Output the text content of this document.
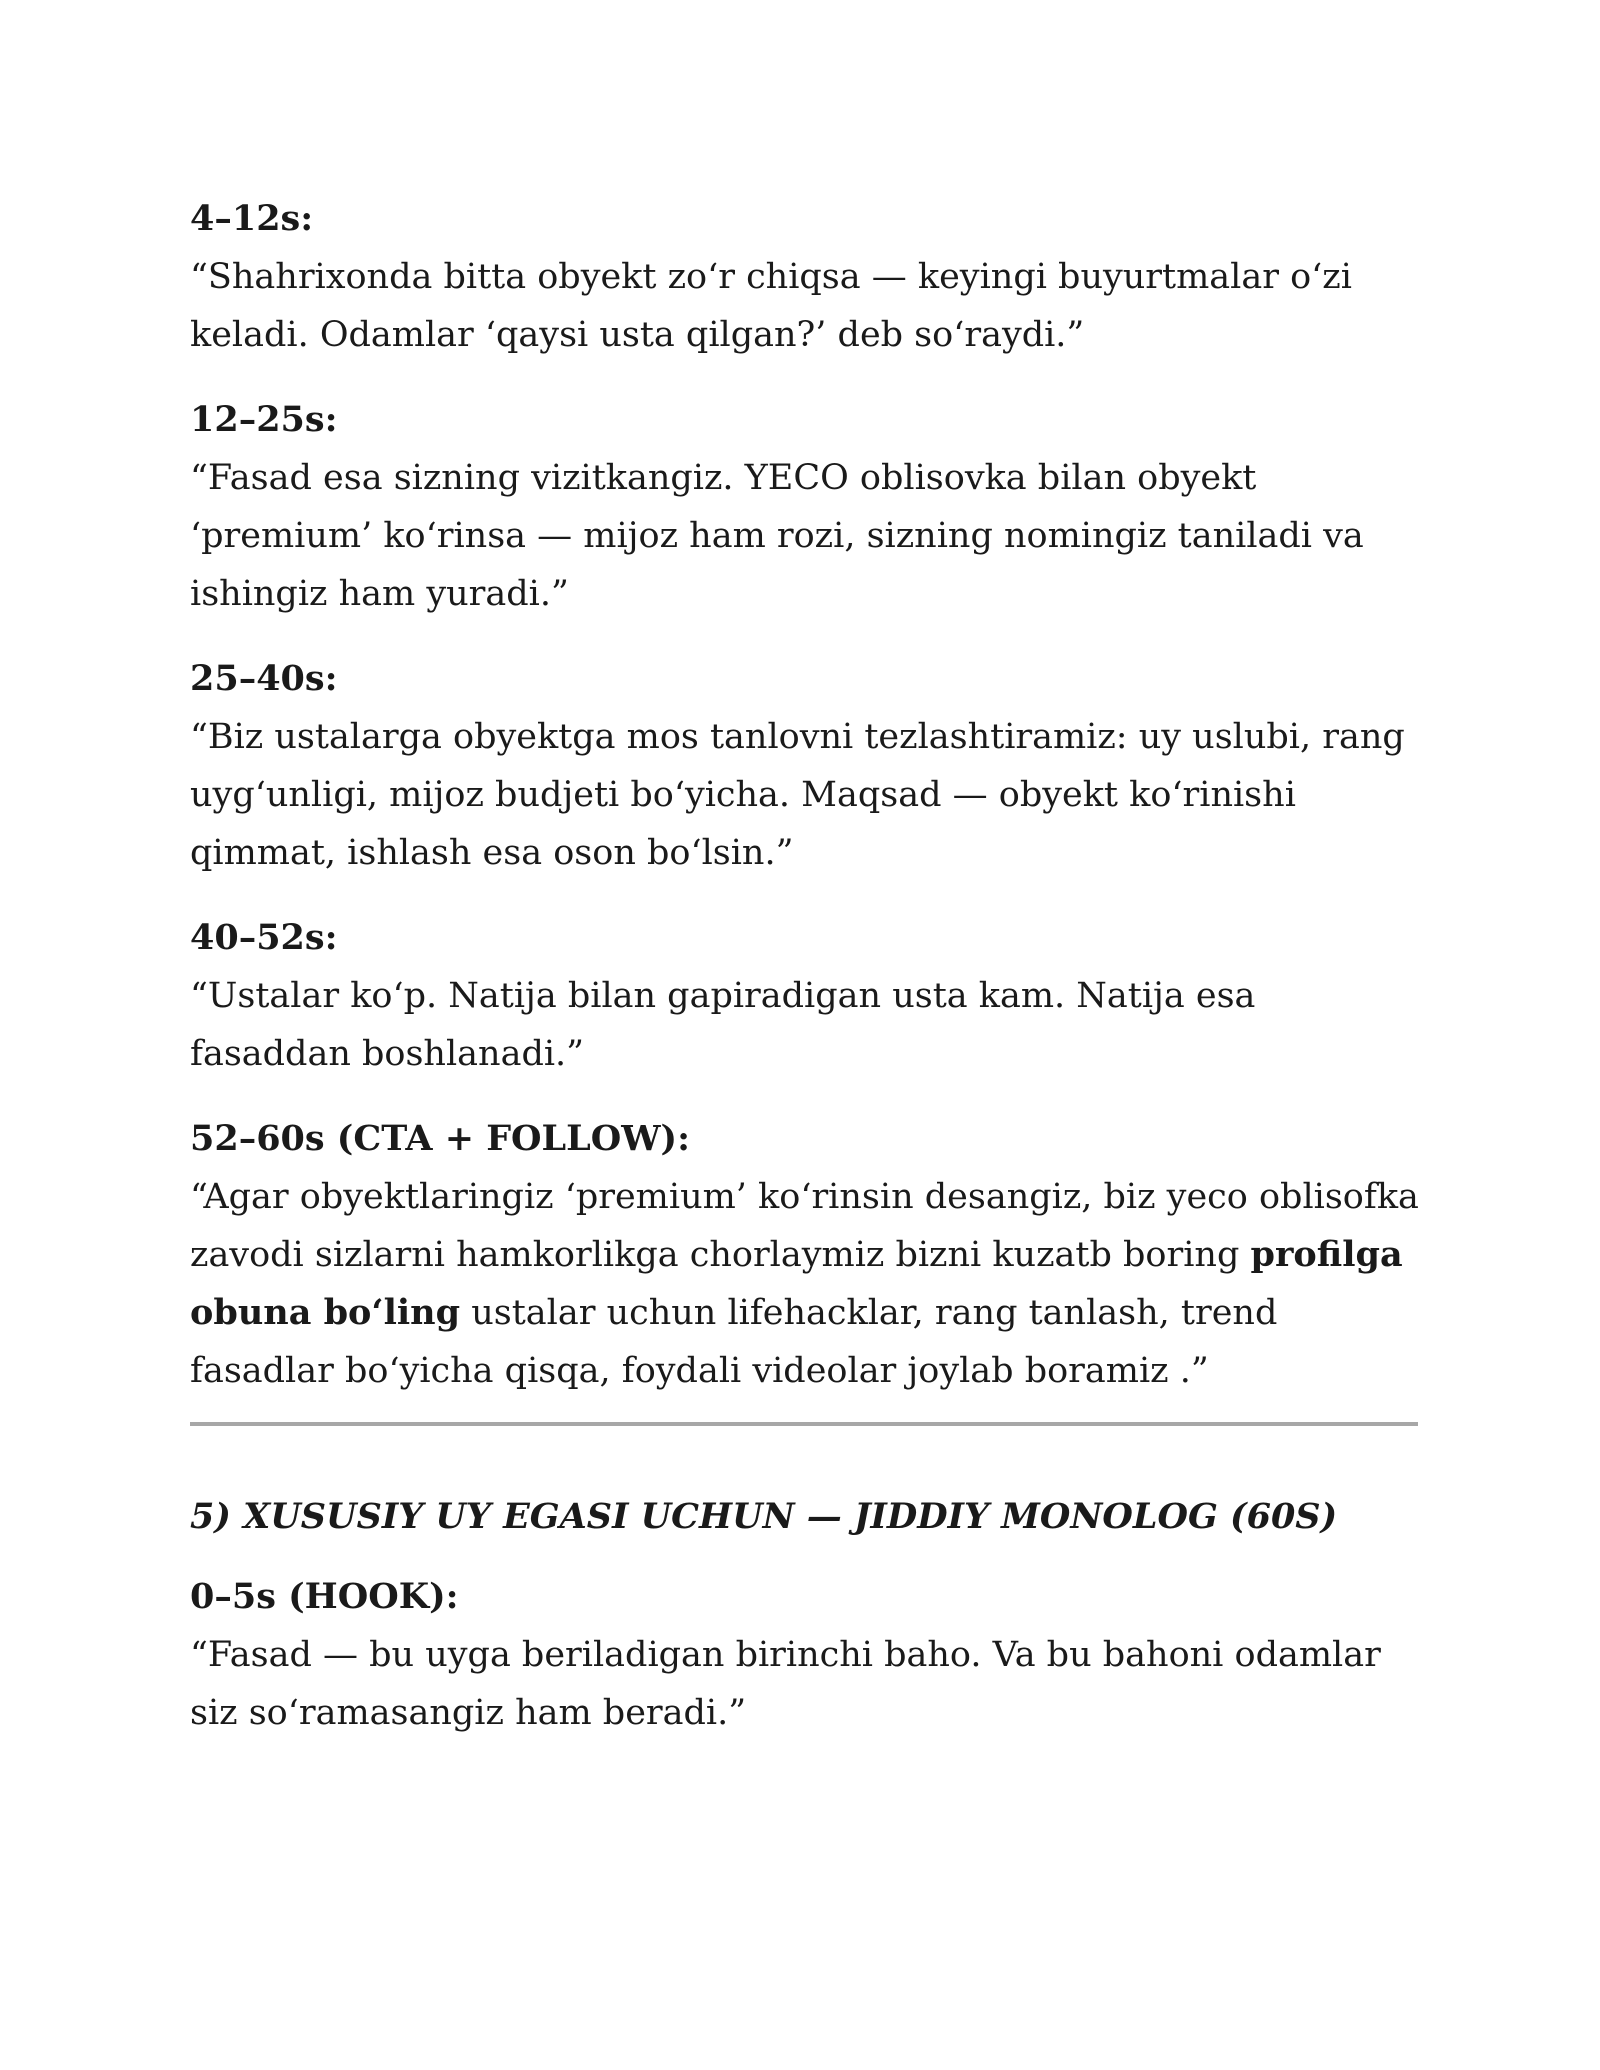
4–12s:

“Shahrixonda bitta obyekt zo‘r chiqsa — keyingi buyurtmalar o‘zi keladi. Odamlar ‘qaysi usta qilgan?’ deb so‘raydi.”

12–25s:

“Fasad esa sizning vizitkangiz. YECO oblisovka bilan obyekt ‘premium’ ko‘rinsa — mijoz ham rozi, sizning nomingiz taniladi va ishingiz ham yuradi.”

25–40s:

“Biz ustalarga obyektga mos tanlovni tezlashtiramiz: uy uslubi, rang uyg‘unligi, mijoz budjeti bo‘yicha. Maqsad — obyekt ko‘rinishi qimmat, ishlash esa oson bo‘lsin.”

40–52s:

“Ustalar ko‘p. Natija bilan gapiradigan usta kam. Natija esa fasaddan boshlanadi.”

52–60s (CTA + FOLLOW):

“Agar obyektlaringiz ‘premium’ ko‘rinsin desangiz, biz yeco oblisofka zavodi sizlarni hamkorlikga chorlaymiz bizni kuzatb boring profilga obuna bo‘ling ustalar uchun lifehacklar, rang tanlash, trend fasadlar bo‘yicha qisqa, foydali videolar joylab boramiz .”

5) XUSUSIY UY EGASI UCHUN — JIDDIY MONOLOG (60S)

0–5s (HOOK):

“Fasad — bu uyga beriladigan birinchi baho. Va bu bahoni odamlar siz so‘ramasangiz ham beradi.”
